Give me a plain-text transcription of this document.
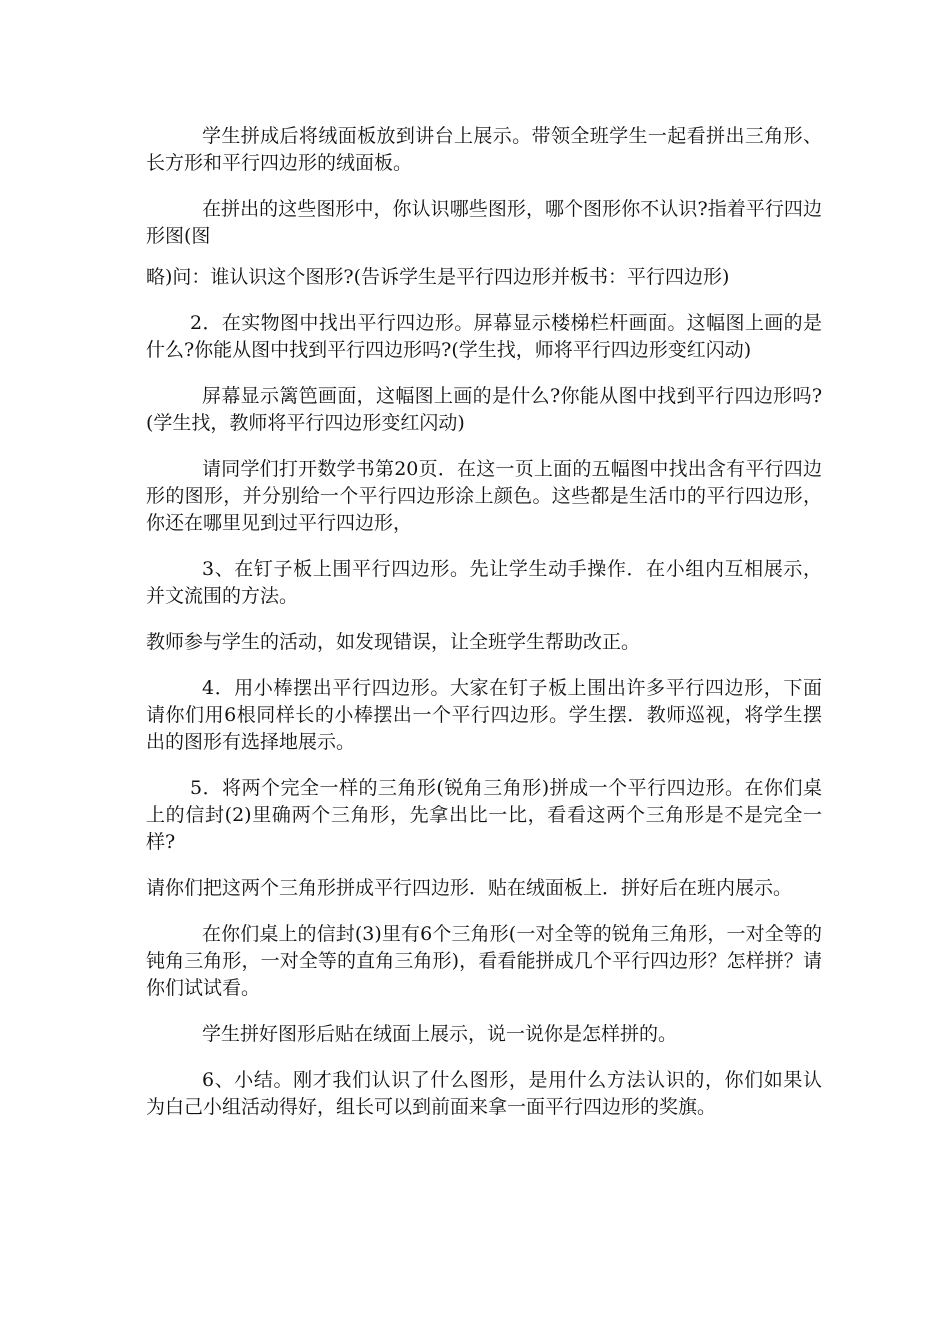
学生拼成后将绒面板放到讲台上展示。带领全班学生一起看拼出三角形、长方形和平行四边形的绒面板。

在拼出的这些图形中，你认识哪些图形，哪个图形你不认识?指着平行四边形图(图

略)问：谁认识这个图形?(告诉学生是平行四边形并板书：平行四边形)

2．在实物图中找出平行四边形。屏幕显示楼梯栏杆画面。这幅图上画的是什么?你能从图中找到平行四边形吗?(学生找，师将平行四边形变红闪动)

屏幕显示篱笆画面，这幅图上画的是什么?你能从图中找到平行四边形吗?(学生找，教师将平行四边形变红闪动)

请同学们打开数学书第20页．在这一页上面的五幅图中找出含有平行四边形的图形，并分别给一个平行四边形涂上颜色。这些都是生活巾的平行四边形，你还在哪里见到过平行四边形，

3、在钉子板上围平行四边形。先让学生动手操作．在小组内互相展示，并文流围的方法。

教师参与学生的活动，如发现错误，让全班学生帮助改正。

4．用小棒摆出平行四边形。大家在钉子板上围出许多平行四边形，下面请你们用6根同样长的小棒摆出一个平行四边形。学生摆．教师巡视，将学生摆出的图形有选择地展示。

5．将两个完全一样的三角形(锐角三角形)拼成一个平行四边形。在你们桌上的信封(2)里确两个三角形，先拿出比一比，看看这两个三角形是不是完全一样?

请你们把这两个三角形拼成平行四边形．贴在绒面板上．拼好后在班内展示。

在你们桌上的信封(3)里有6个三角形(一对全等的锐角三角形，一对全等的钝角三角形，一对全等的直角三角形)，看看能拼成几个平行四边形？怎样拼？请你们试试看。

学生拼好图形后贴在绒面上展示，说一说你是怎样拼的。

6、小结。刚才我们认识了什么图形，是用什么方法认识的，你们如果认为白己小组活动得好，组长可以到前面来拿一面平行四边形的奖旗。
